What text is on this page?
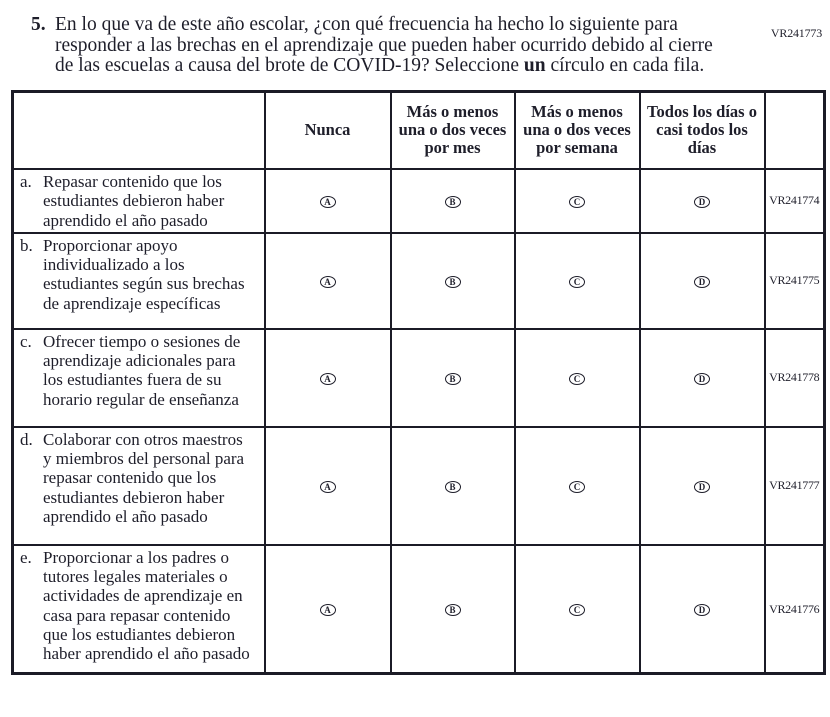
VR241773
5. En lo que va de este año escolar, ¿con qué frecuencia ha hecho lo siguiente para
responder a las brechas en el aprendizaje que pueden haber ocurrido debido al cierre
de las escuelas a causa del brote de COVID-19? Seleccione un círculo en cada fila.
	Nunca	Más o menos una o dos veces por mes	Más o menos una o dos veces por semana	Todos los días o casi todos los días	

a. Repasar contenido que los estudiantes debieron haber aprendido el año pasado	A	B	C	D	VR241774

b. Proporcionar apoyo individualizado a los estudiantes según sus brechas de aprendizaje específicas	A	B	C	D	VR241775

c. Ofrecer tiempo o sesiones de aprendizaje adicionales para los estudiantes fuera de su horario regular de enseñanza	A	B	C	D	VR241778

d. Colaborar con otros maestros y miembros del personal para repasar contenido que los estudiantes debieron haber aprendido el año pasado	A	B	C	D	VR241777

e. Proporcionar a los padres o tutores legales materiales o actividades de aprendizaje en casa para repasar contenido que los estudiantes debieron haber aprendido el año pasado	A	B	C	D	VR241776
